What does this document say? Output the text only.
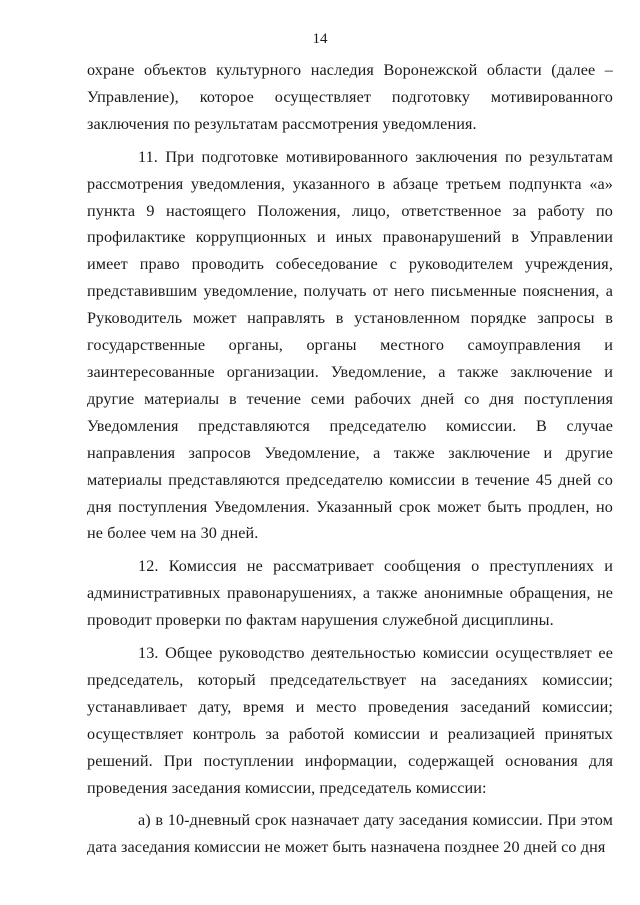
14

охране объектов культурного наследия Воронежской области (далее – Управление), которое осуществляет подготовку мотивированного заключения по результатам рассмотрения уведомления.

11. При подготовке мотивированного заключения по результатам рассмотрения уведомления, указанного в абзаце третьем подпункта «а» пункта 9 настоящего Положения, лицо, ответственное за работу по профилактике коррупционных и иных правонарушений в Управлении имеет право проводить собеседование с руководителем учреждения, представившим уведомление, получать от него письменные пояснения, а Руководитель может направлять в установленном порядке запросы в государственные органы, органы местного самоуправления и заинтересованные организации. Уведомление, а также заключение и другие материалы в течение семи рабочих дней со дня поступления Уведомления представляются председателю комиссии. В случае направления запросов Уведомление, а также заключение и другие материалы представляются председателю комиссии в течение 45 дней со дня поступления Уведомления. Указанный срок может быть продлен, но не более чем на 30 дней.

12. Комиссия не рассматривает сообщения о преступлениях и административных правонарушениях, а также анонимные обращения, не проводит проверки по фактам нарушения служебной дисциплины.

13. Общее руководство деятельностью комиссии осуществляет ее председатель, который председательствует на заседаниях комиссии; устанавливает дату, время и место проведения заседаний комиссии; осуществляет контроль за работой комиссии и реализацией принятых решений. При поступлении информации, содержащей основания для проведения заседания комиссии, председатель комиссии:

а) в 10-дневный срок назначает дату заседания комиссии. При этом дата заседания комиссии не может быть назначена позднее 20 дней со дня
